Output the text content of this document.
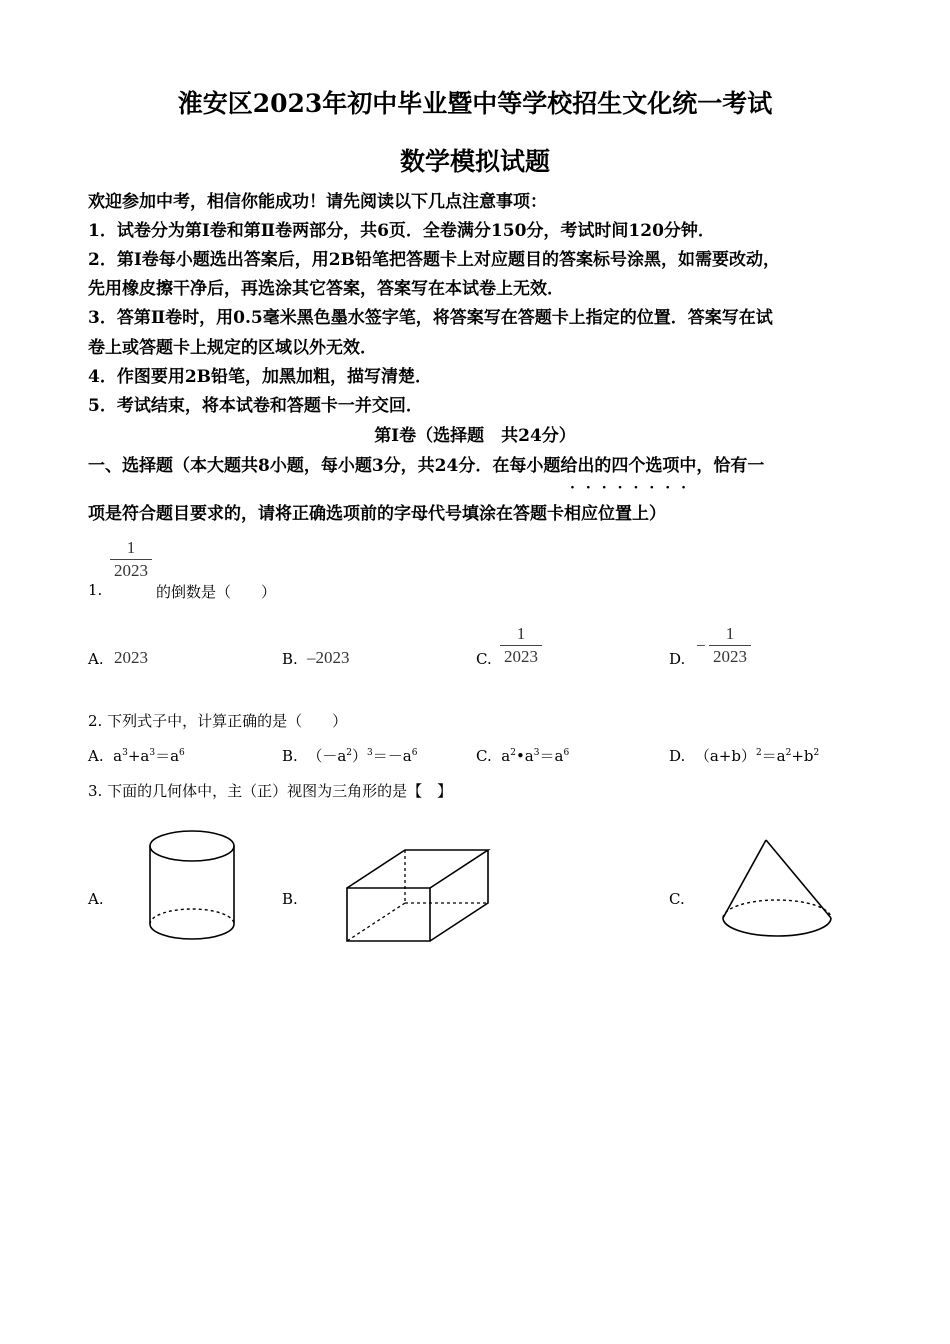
淮安区2023年初中毕业暨中等学校招生文化统一考试
数学模拟试题
欢迎参加中考，相信你能成功！请先阅读以下几点注意事项：
1．试卷分为第Ⅰ卷和第Ⅱ卷两部分，共6页．全卷满分150分，考试时间120分钟．
2．第Ⅰ卷每小题选出答案后，用2B铅笔把答题卡上对应题目的答案标号涂黑，如需要改动，
先用橡皮擦干净后，再选涂其它答案，答案写在本试卷上无效．
3．答第Ⅱ卷时，用0.5毫米黑色墨水签字笔，将答案写在答题卡上指定的位置．答案写在试
卷上或答题卡上规定的区域以外无效．
4．作图要用2B铅笔，加黑加粗，描写清楚．
5．考试结束，将本试卷和答题卡一并交回．
第Ⅰ卷（选择题　共24分）
一、选择题（本大题共8小题，每小题3分，共24分．在每小题给出的四个选项中，恰有一
········
项是符合题目要求的，请将正确选项前的字母代号填涂在答题卡相应位置上）
1
2023
1.	的倒数是（　　）
A. 2023	B. –2023	C.
1
2023	D.
−
1
2023
2. 下列式子中，计算正确的是（　　）
A.  $a^3+a^3=a^6$	B.  $(-a^2)^3=-a^6$	C.  $a^2•a^3=a^6$	D.  $(a+b)^2=a^2+b^2$
3. 下面的几何体中，主（正）视图为三角形的是【　】
A.	B.	C.
